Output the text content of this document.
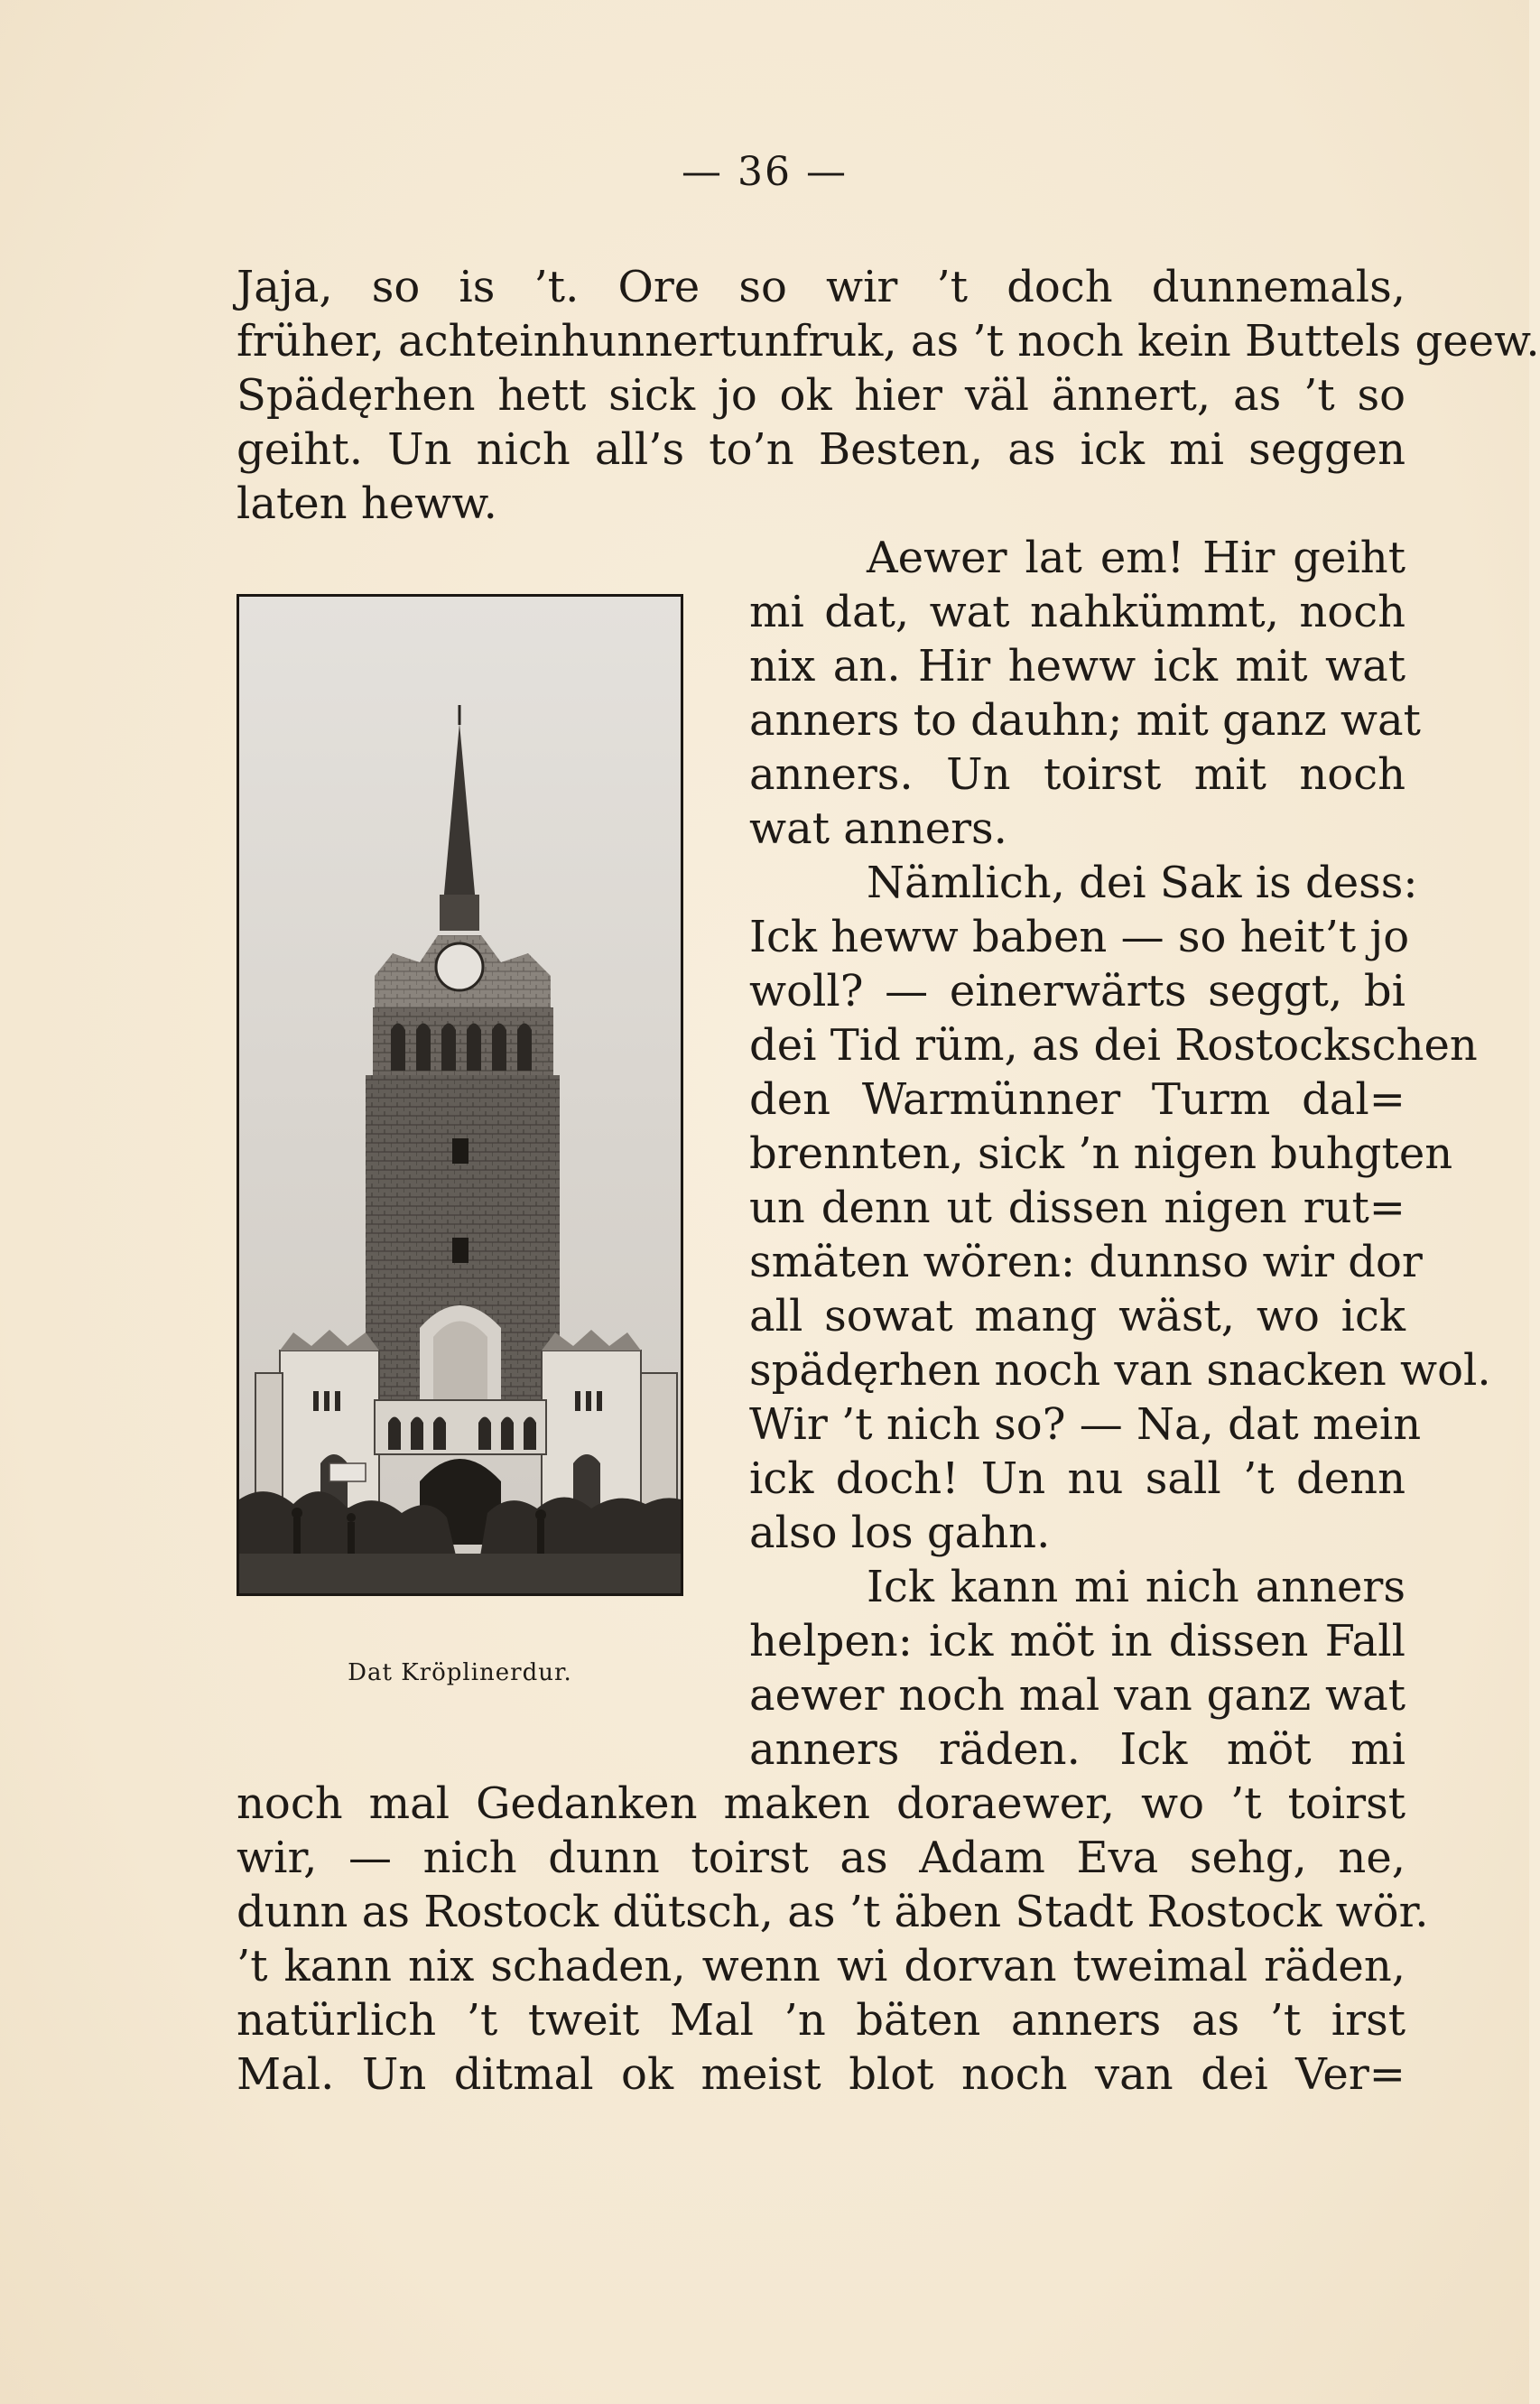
— 36 —
Jaja, so is ’t. Ore so wir ’t doch dunnemals,
früher, achteinhunnertunfruk, as ’t noch kein Buttels geew.
Spädęrhen hett sick jo ok hier väl ännert, as ’t so
geiht. Un nich all’s to’n Besten, as ick mi seggen
laten heww.
Aewer lat em! Hir geiht
mi dat, wat nahkümmt, noch
nix an. Hir heww ick mit wat
anners to dauhn; mit ganz wat
anners. Un toirst mit noch
wat anners.
Nämlich, dei Sak is dess:
Ick heww baben — so heit’t jo
woll? — einerwärts seggt, bi
dei Tid rüm, as dei Rostockschen
den Warmünner Turm dal=
brennten, sick ’n nigen buhgten
un denn ut dissen nigen rut=
smäten wören: dunnso wir dor
all sowat mang wäst, wo ick
spädęrhen noch van snacken wol.
Wir ’t nich so? — Na, dat mein
ick doch! Un nu sall ’t denn
also los gahn.
Ick kann mi nich anners
helpen: ick möt in dissen Fall
aewer noch mal van ganz wat
anners räden. Ick möt mi
noch mal Gedanken maken doraewer, wo ’t toirst
wir, — nich dunn toirst as Adam Eva sehg, ne,
dunn as Rostock dütsch, as ’t äben Stadt Rostock wör.
’t kann nix schaden, wenn wi dorvan tweimal räden,
natürlich ’t tweit Mal ’n bäten anners as ’t irst
Mal. Un ditmal ok meist blot noch van dei Ver=
Dat Kröplinerdur.
